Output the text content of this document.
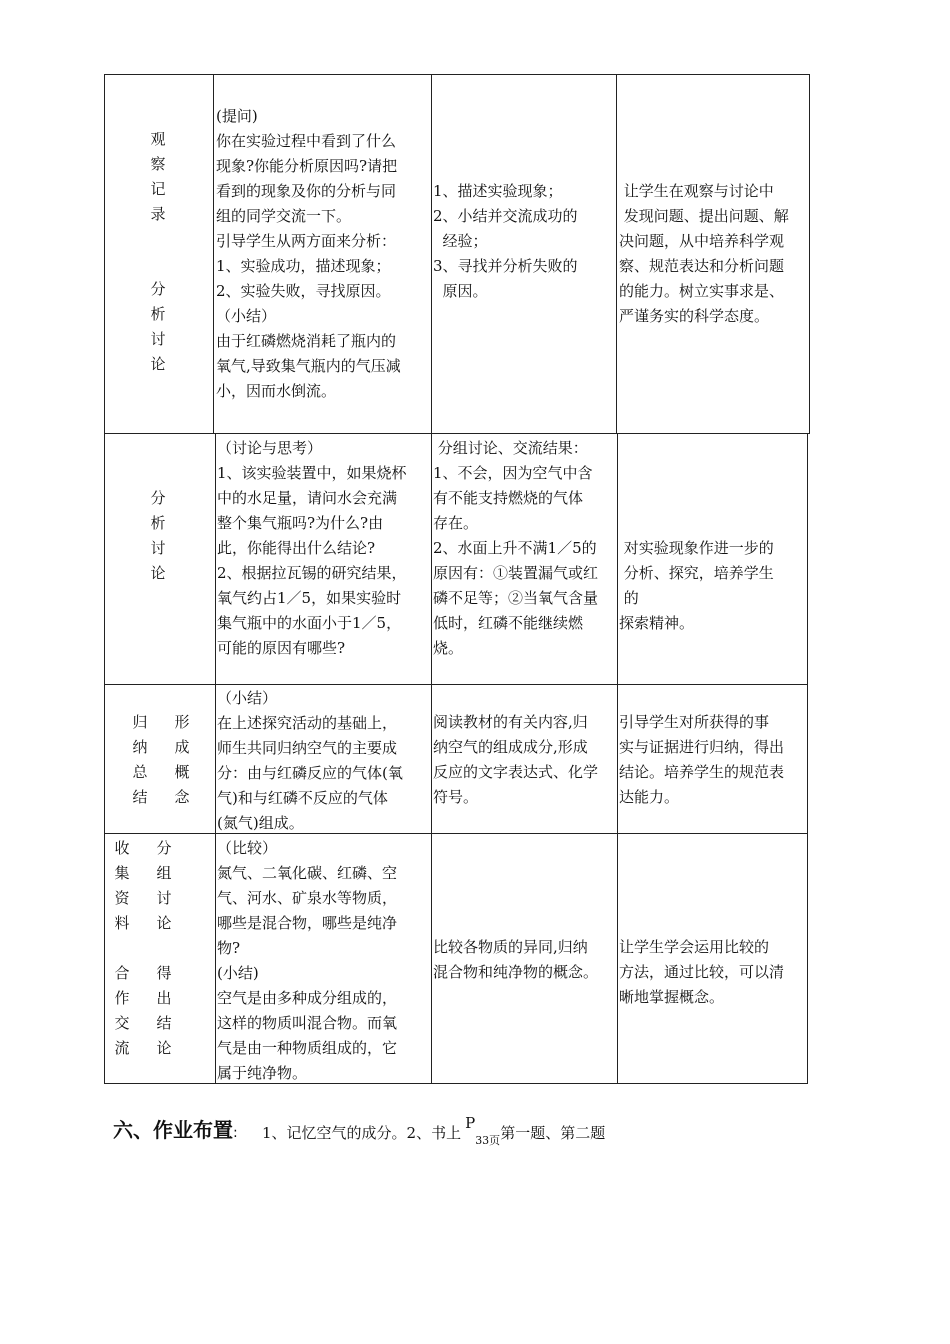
观察记录
分析讨论
(提问)
你在实验过程中看到了什么
现象?你能分析原因吗?请把
看到的现象及你的分析与同
组的同学交流一下。
引导学生从两方面来分析：
1、实验成功，描述现象；
2、实验失败，寻找原因。
（小结）
由于红磷燃烧消耗了瓶内的
氧气,导致集气瓶内的气压减
小，因而水倒流。
1、描述实验现象；
2、小结并交流成功的
经验；
3、寻找并分析失败的
原因。
让学生在观察与讨论中
发现问题、提出问题、解
决问题，从中培养科学观
察、规范表达和分析问题
的能力。树立实事求是、
严谨务实的科学态度。
分析讨论
（讨论与思考）
1、该实验装置中，如果烧杯
中的水足量，请问水会充满
整个集气瓶吗?为什么?由
此，你能得出什么结论?
2、根据拉瓦锡的研究结果，
氧气约占1／5，如果实验时
集气瓶中的水面小于1／5，
可能的原因有哪些?
分组讨论、交流结果：
1、不会，因为空气中含
有不能支持燃烧的气体
存在。
2、水面上升不满1／5的
原因有：①装置漏气或红
磷不足等；②当氧气含量
低时，红磷不能继续燃
烧。
对实验现象作进一步的
分析、探究，培养学生
的
探索精神。
归
纳
总
结
形
成
概
念
（小结）
在上述探究活动的基础上，
师生共同归纳空气的主要成
分：由与红磷反应的气体(氧
气)和与红磷不反应的气体
(氮气)组成。
阅读教材的有关内容,归
纳空气的组成成分,形成
反应的文字表达式、化学
符号。
引导学生对所获得的事
实与证据进行归纳，得出
结论。培养学生的规范表
达能力。
收
集
资
料
合
作
交
流
分
组
讨
论
得
出
结
论
（比较）
氮气、二氧化碳、红磷、空
气、河水、矿泉水等物质，
哪些是混合物，哪些是纯净
物?
(小结)
空气是由多种成分组成的，
这样的物质叫混合物。而氧
气是由一种物质组成的，它
属于纯净物。
比较各物质的异同,归纳
混合物和纯净物的概念。
让学生学会运用比较的
方法，通过比较，可以清
晰地掌握概念。
六、作业布置: 1、记忆空气的成分。2、书上$P_{33页}$第一题、第二题
